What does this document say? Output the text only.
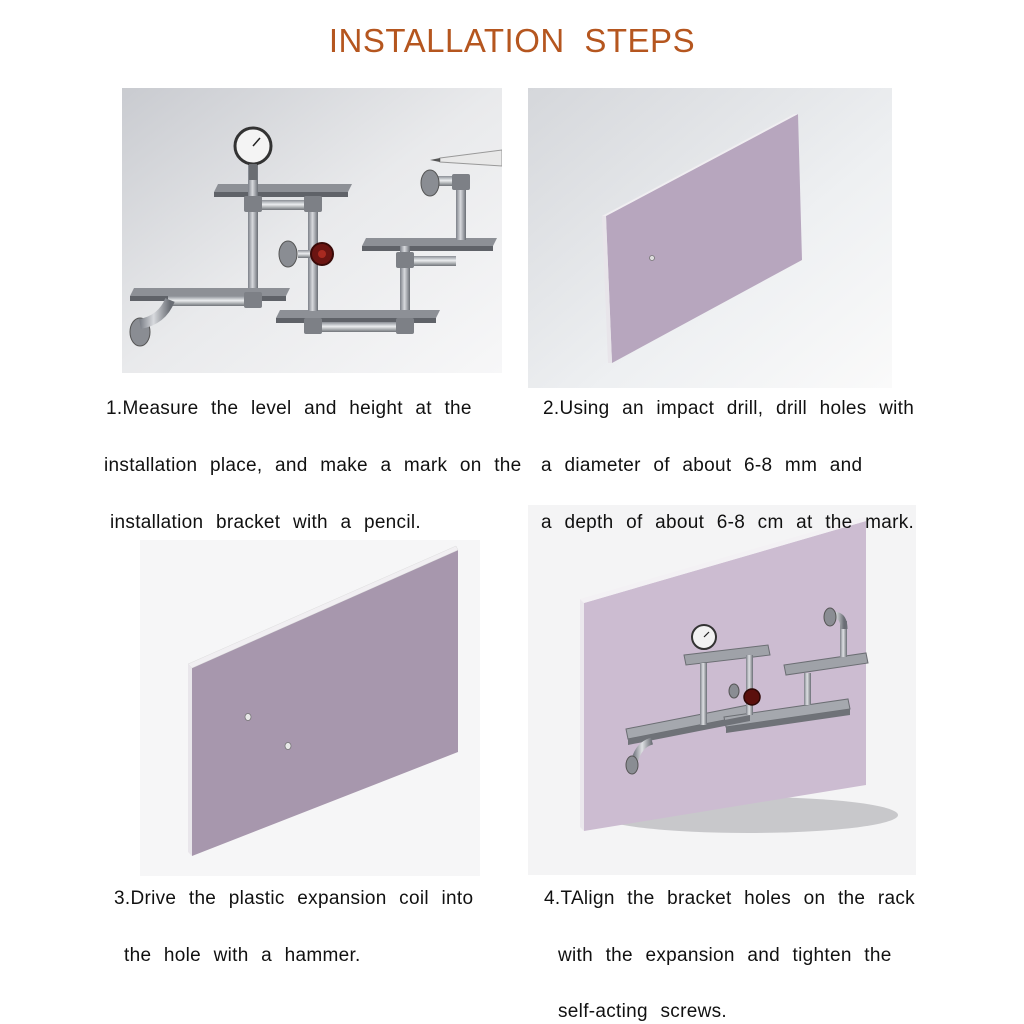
INSTALLATION STEPS
1.Measure the level and height at the
installation place, and make a mark on the
installation bracket with a pencil.
2.Using an impact drill, drill holes with
a diameter of about 6-8 mm and
a depth of about 6-8 cm at the mark.
3.Drive the plastic expansion coil into
the hole with a hammer.
4.TAlign the bracket holes on the rack
with the expansion and tighten the
self-acting screws.
